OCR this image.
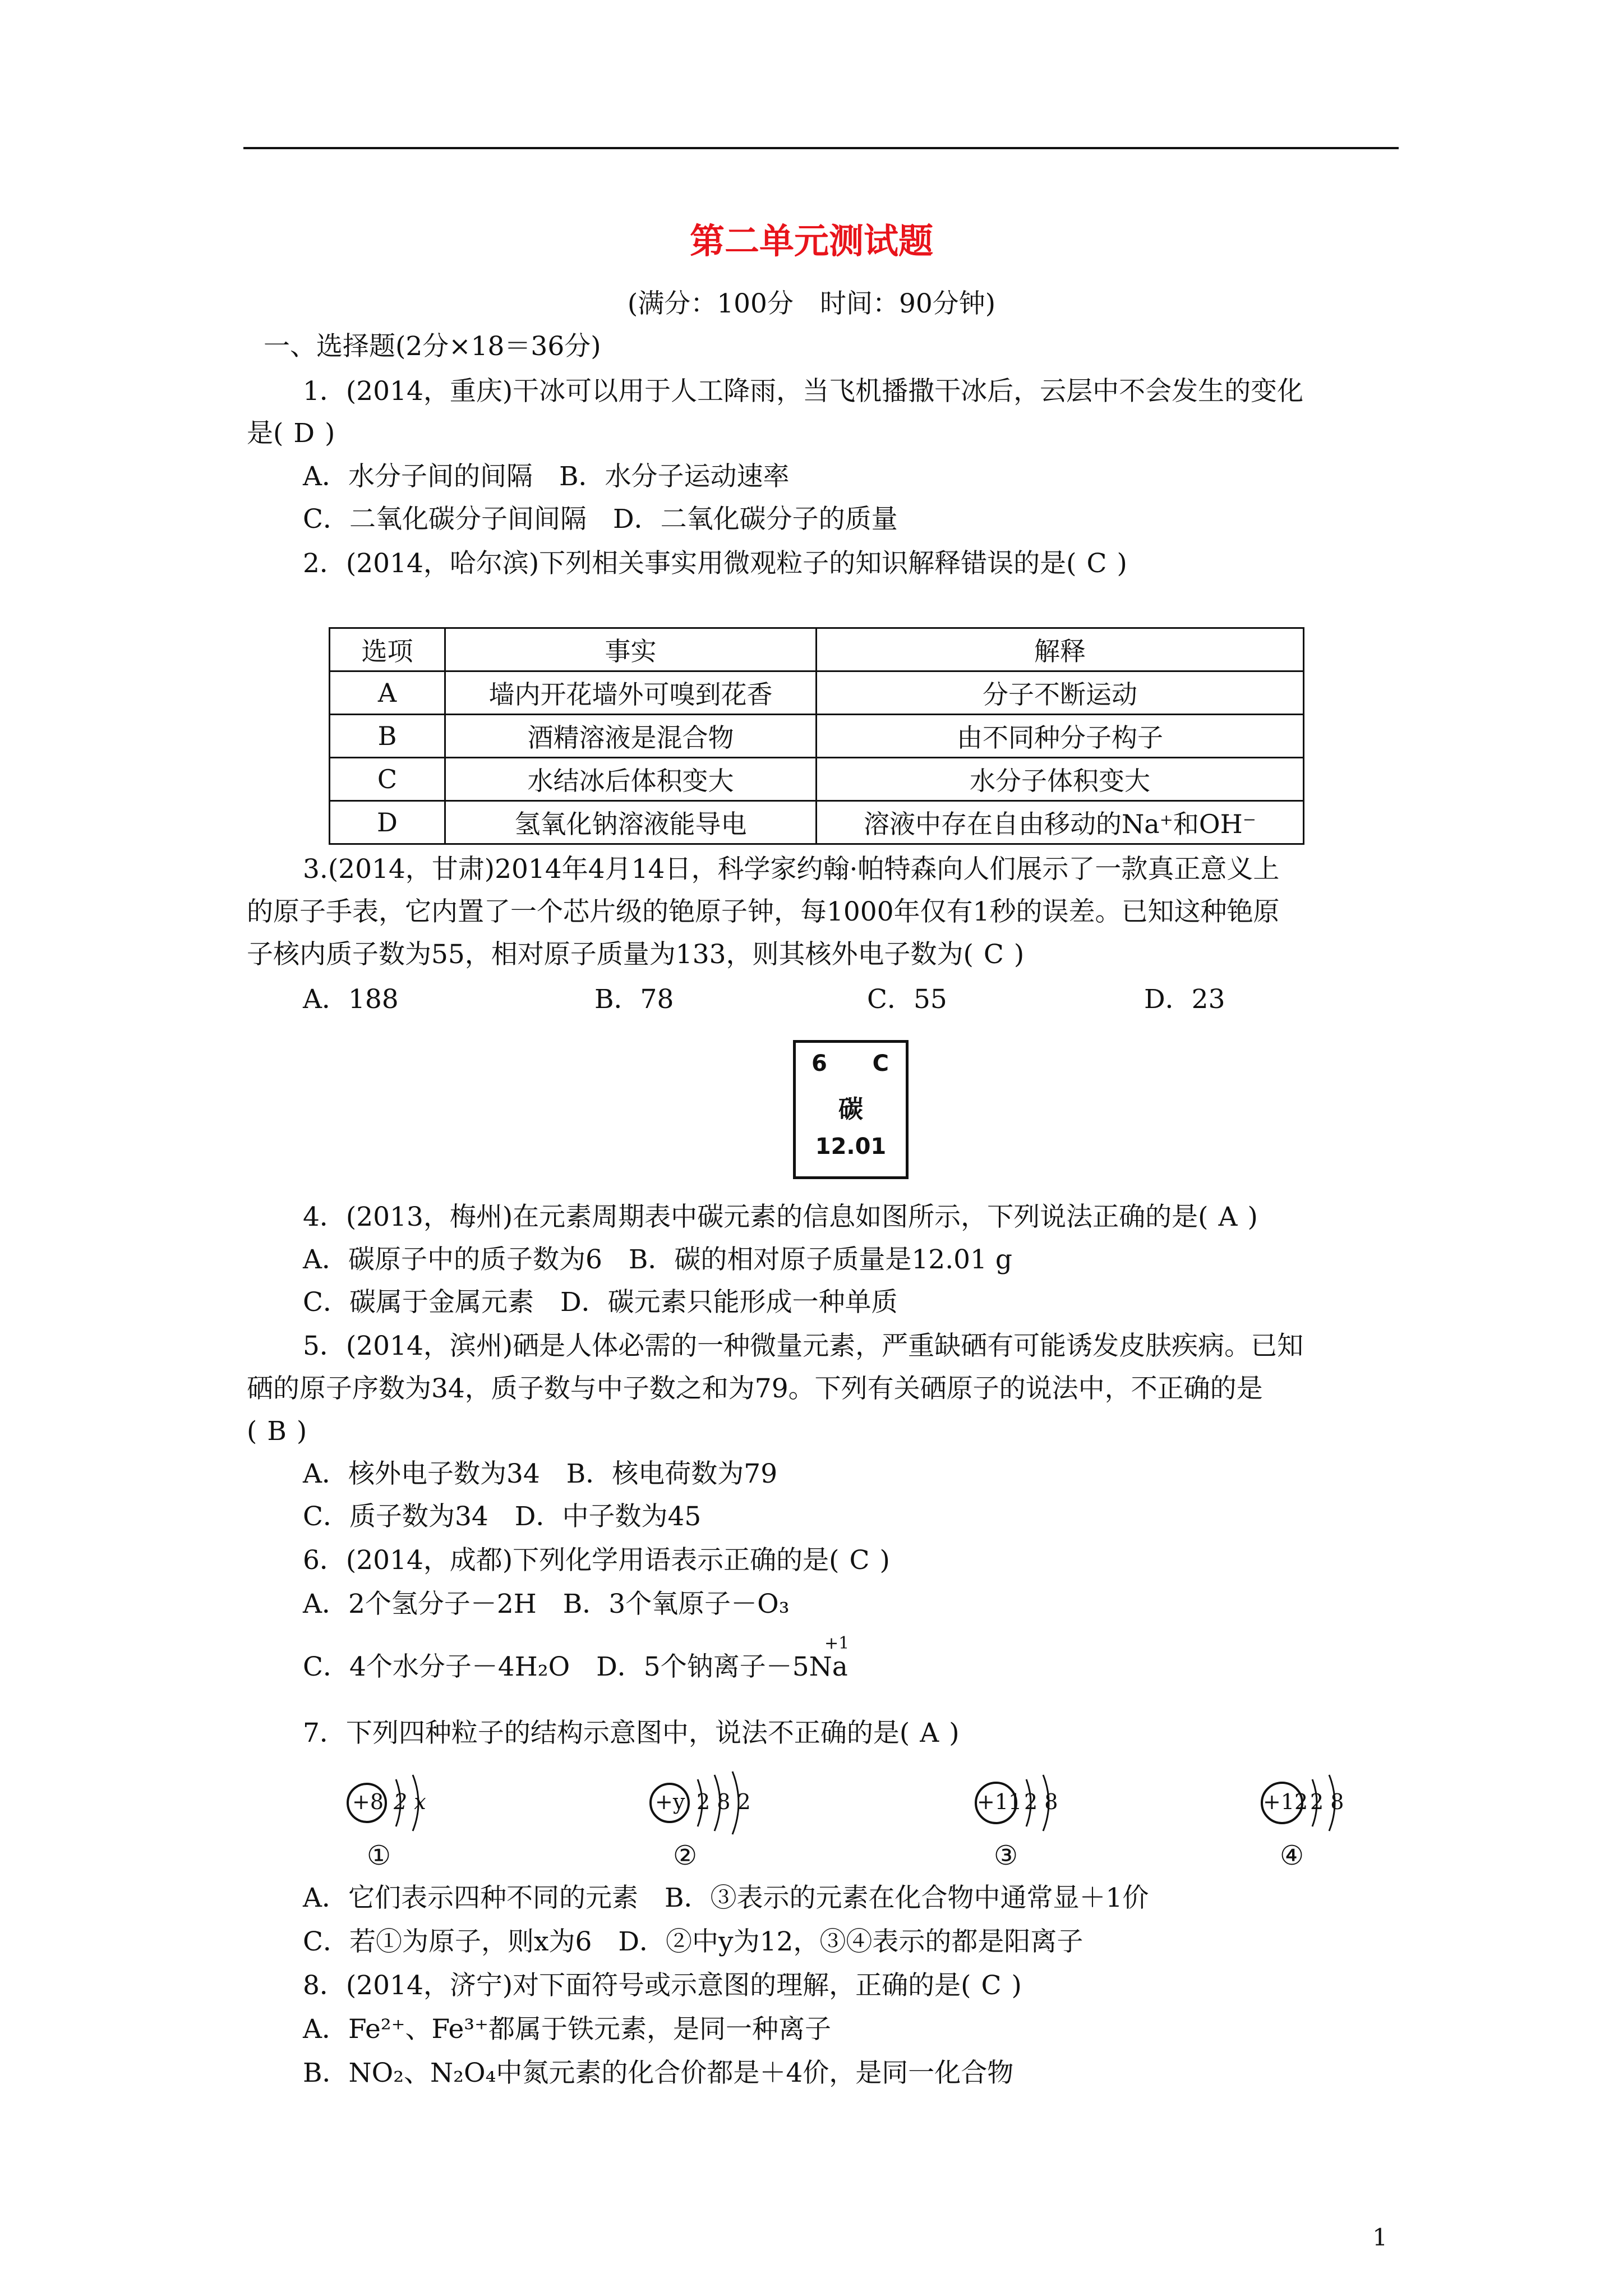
第二单元测试题
(满分：100分　时间：90分钟)
一、选择题(2分×18＝36分)
1．(2014，重庆)干冰可以用于人工降雨，当飞机播撒干冰后，云层中不会发生的变化
是( D )
A．水分子间的间隔　B．水分子运动速率
C．二氧化碳分子间间隔　D．二氧化碳分子的质量
2．(2014，哈尔滨)下列相关事实用微观粒子的知识解释错误的是( C )
选项	事实	解释
A	墙内开花墙外可嗅到花香	分子不断运动
B	酒精溶液是混合物	由不同种分子构子
C	水结冰后体积变大	水分子体积变大
D	氢氧化钠溶液能导电	溶液中存在自由移动的Na⁺和OH⁻
3.(2014，甘肃)2014年4月14日，科学家约翰·帕特森向人们展示了一款真正意义上
的原子手表，它内置了一个芯片级的铯原子钟，每1000年仅有1秒的误差。已知这种铯原
子核内质子数为55，相对原子质量为133，则其核外电子数为( C )
A．188	B．78	C．55	D．23
6 C
碳
12.01
4．(2013，梅州)在元素周期表中碳元素的信息如图所示，下列说法正确的是( A )
A．碳原子中的质子数为6　B．碳的相对原子质量是12.01 g
C．碳属于金属元素　D．碳元素只能形成一种单质
5．(2014，滨州)硒是人体必需的一种微量元素，严重缺硒有可能诱发皮肤疾病。已知
硒的原子序数为34，质子数与中子数之和为79。下列有关硒原子的说法中，不正确的是
( B )
A．核外电子数为34　B．核电荷数为79
C．质子数为34　D．中子数为45
6．(2014，成都)下列化学用语表示正确的是( C )
A．2个氢分子－2H　B．3个氧原子－O₃
+1
C．4个水分子－4H₂O　D．5个钠离子－5Na
7．下列四种粒子的结构示意图中，说法不正确的是( A )
+8 2 x
①
+y 2 8 2
②
+11 2 8
③
+12 2 8
④
A．它们表示四种不同的元素　B．③表示的元素在化合物中通常显＋1价
C．若①为原子，则x为6　D．②中y为12，③④表示的都是阳离子
8．(2014，济宁)对下面符号或示意图的理解，正确的是( C )
A．Fe²⁺、Fe³⁺都属于铁元素，是同一种离子
B．NO₂、N₂O₄中氮元素的化合价都是＋4价，是同一化合物
1
